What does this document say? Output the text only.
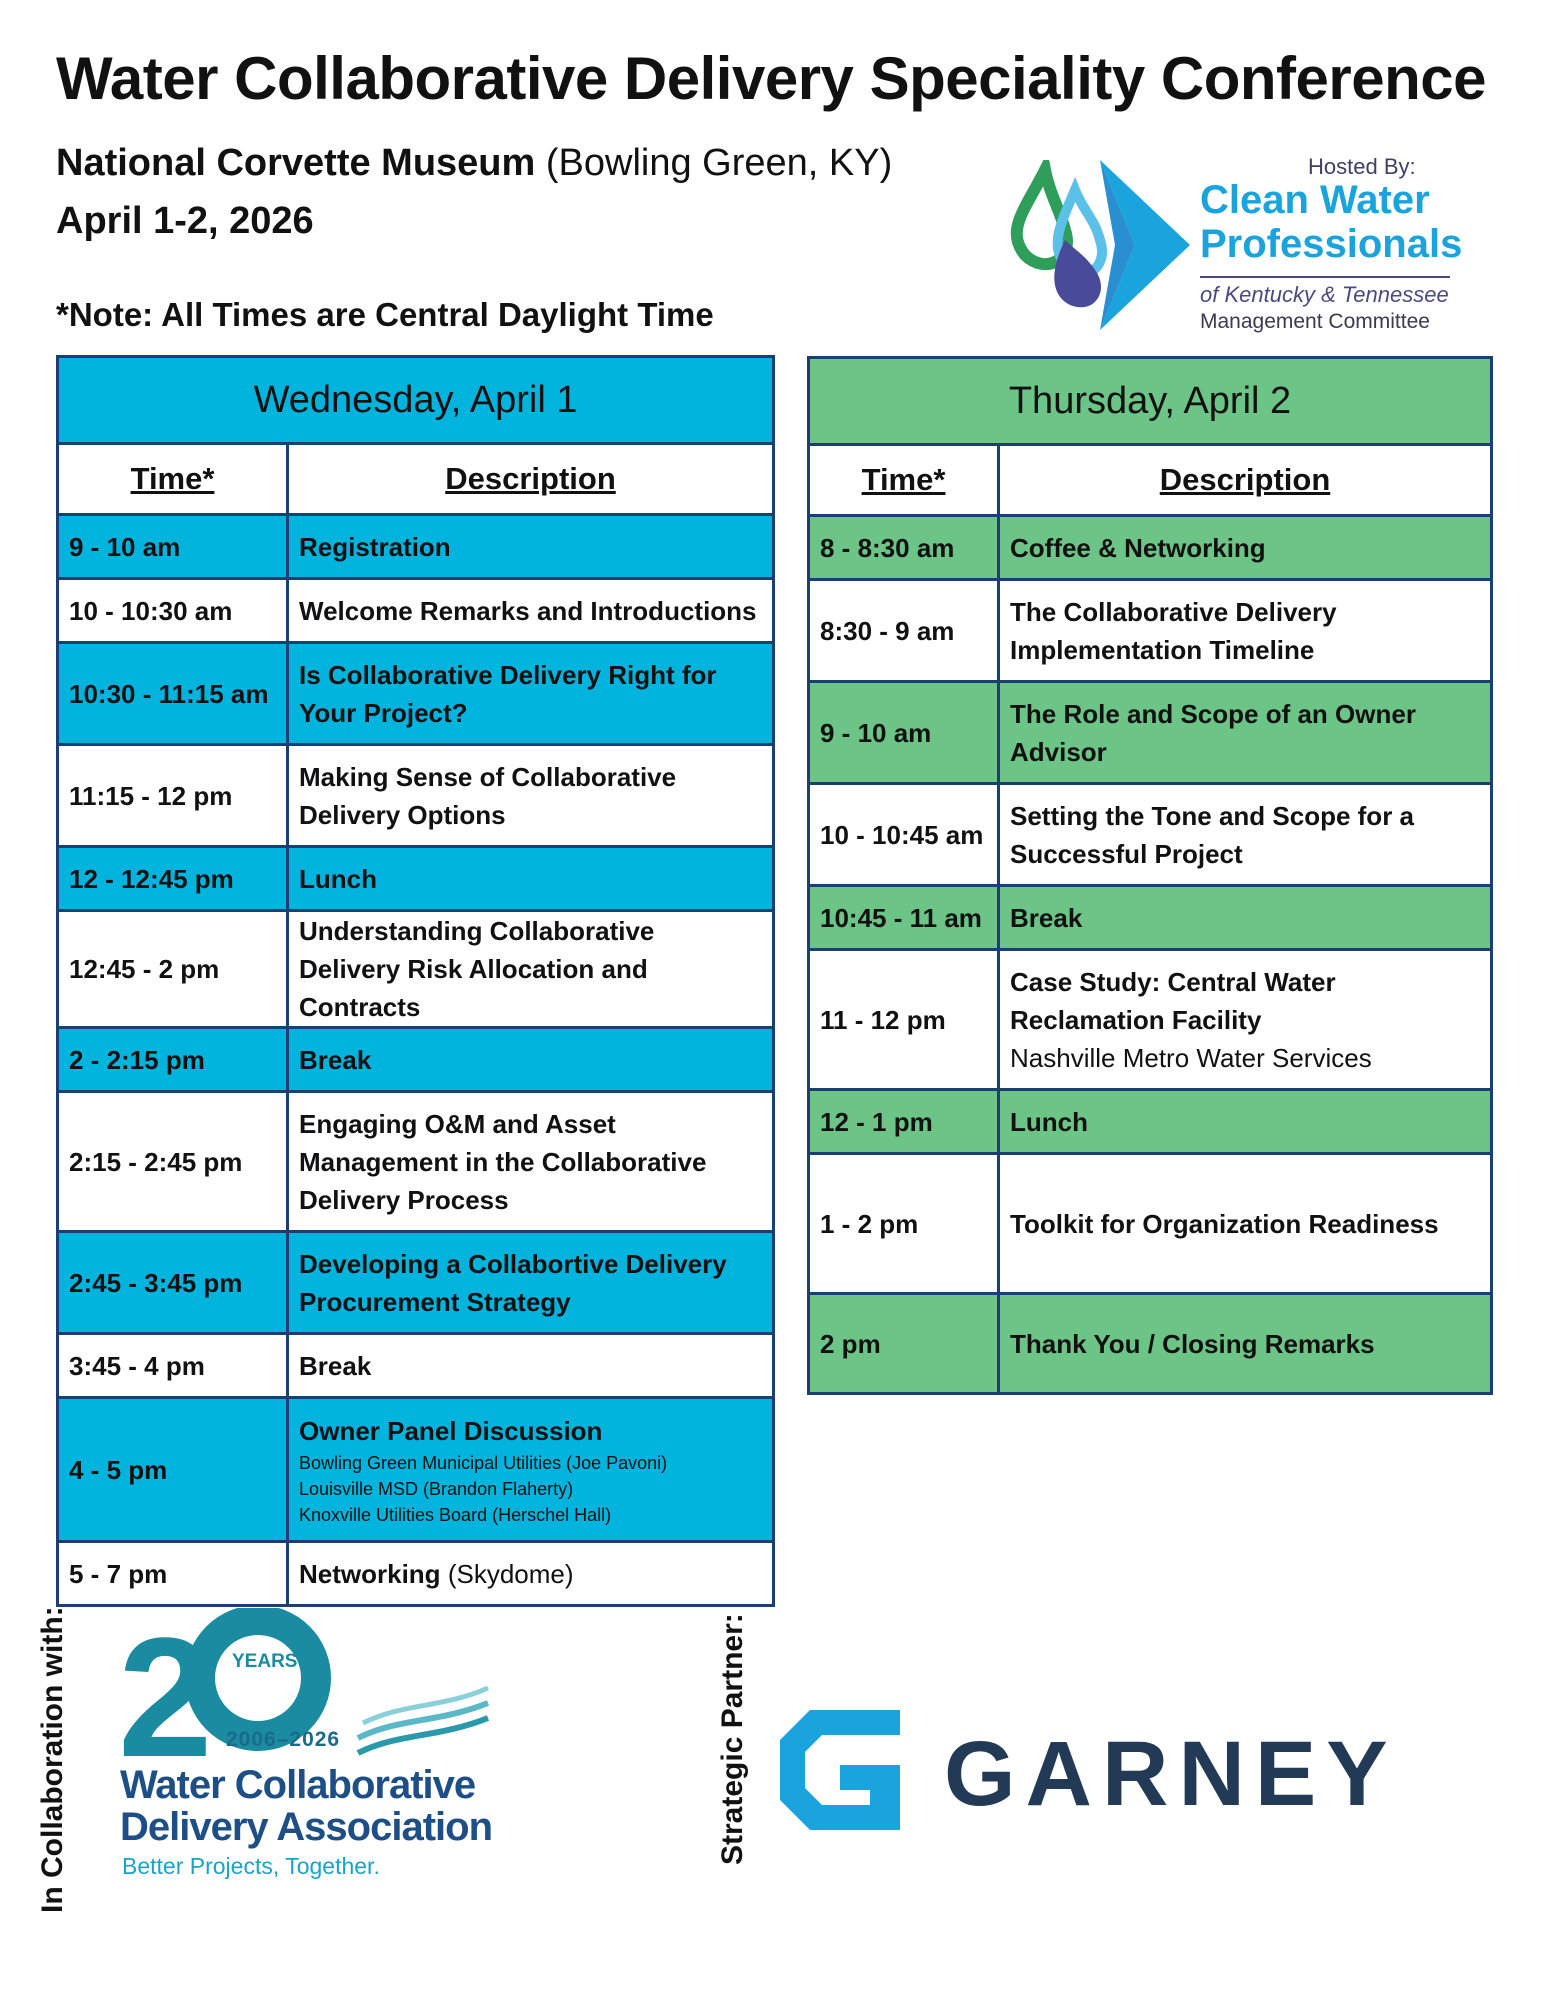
Water Collaborative Delivery Speciality Conference
National Corvette Museum (Bowling Green, KY)
April 1-2, 2026
*Note: All Times are Central Daylight Time
Hosted By:
Clean Water
Professionals
of Kentucky & Tennessee
Management Committee
Wednesday, April 1	
Time*	Description
9 - 10 am	Registration
10 - 10:30 am	Welcome Remarks and Introductions
10:30 - 11:15 am	Is Collaborative Delivery Right for Your Project?
11:15 - 12 pm	Making Sense of Collaborative Delivery Options
12 - 12:45 pm	Lunch
12:45 - 2 pm	Understanding Collaborative Delivery Risk Allocation and Contracts
2 - 2:15 pm	Break
2:15 - 2:45 pm	Engaging O&M and Asset Management in the Collaborative Delivery Process
2:45 - 3:45 pm	Developing a Collabortive Delivery Procurement Strategy
3:45 - 4 pm	Break
4 - 5 pm	Owner Panel Discussion
Bowling Green Municipal Utilities (Joe Pavoni)
Louisville MSD (Brandon Flaherty)
Knoxville Utilities Board (Herschel Hall)

5 - 7 pm	Networking (Skydome)
Thursday, April 2	
Time*	Description
8 - 8:30 am	Coffee & Networking
8:30 - 9 am	The Collaborative Delivery Implementation Timeline
9 - 10 am	The Role and Scope of an Owner Advisor
10 - 10:45 am	Setting the Tone and Scope for a Successful Project
10:45 - 11 am	Break
11 - 12 pm	Case Study: Central Water Reclamation Facility
Nashville Metro Water Services

12 - 1 pm	Lunch
1 - 2 pm	Toolkit for Organization Readiness
2 pm	Thank You / Closing Remarks
In Collaboration with: 2 YEARS
2006–2026
Water Collaborative
Delivery Association
Better Projects, Together.
Strategic Partner: GARNEY
